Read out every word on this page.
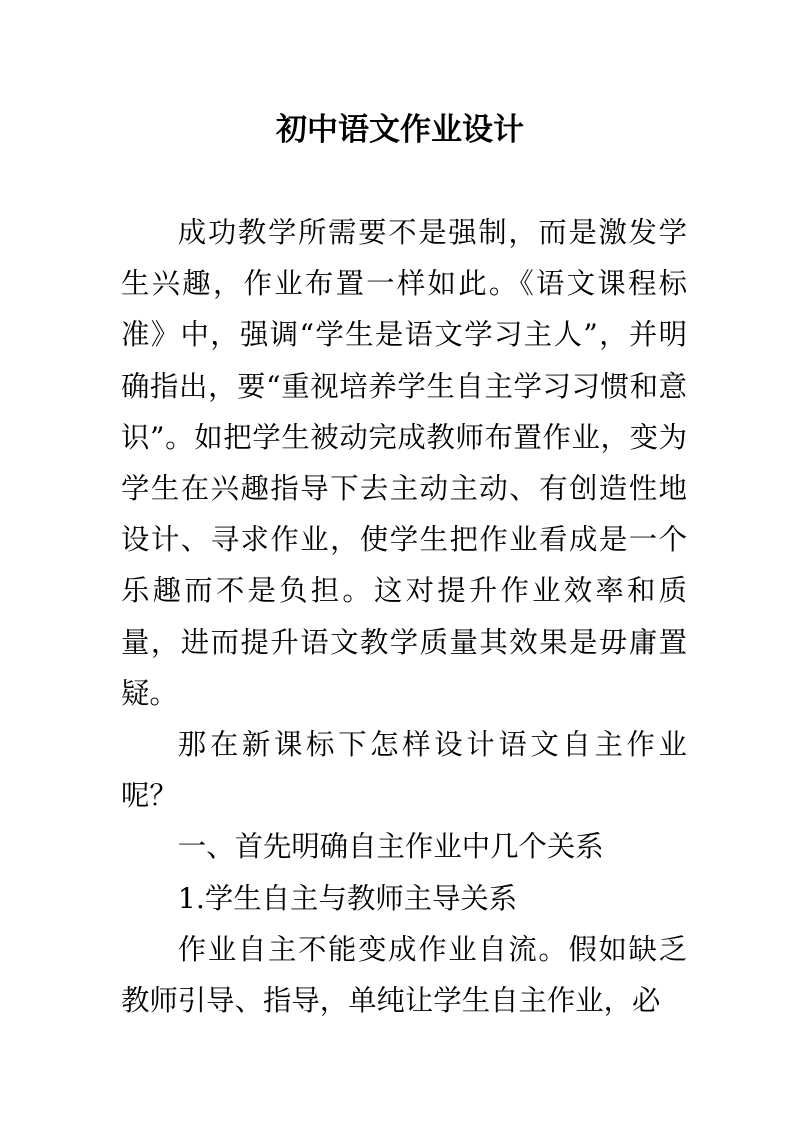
初中语文作业设计

成功教学所需要不是强制，而是激发学生兴趣，作业布置一样如此。《语文课程标准》中，强调“学生是语文学习主人”，并明确指出，要“重视培养学生自主学习习惯和意识”。如把学生被动完成教师布置作业，变为学生在兴趣指导下去主动主动、有创造性地设计、寻求作业，使学生把作业看成是一个乐趣而不是负担。这对提升作业效率和质量，进而提升语文教学质量其效果是毋庸置疑。

那在新课标下怎样设计语文自主作业呢？

一、首先明确自主作业中几个关系

1.学生自主与教师主导关系

作业自主不能变成作业自流。假如缺乏教师引导、指导，单纯让学生自主作业，必
